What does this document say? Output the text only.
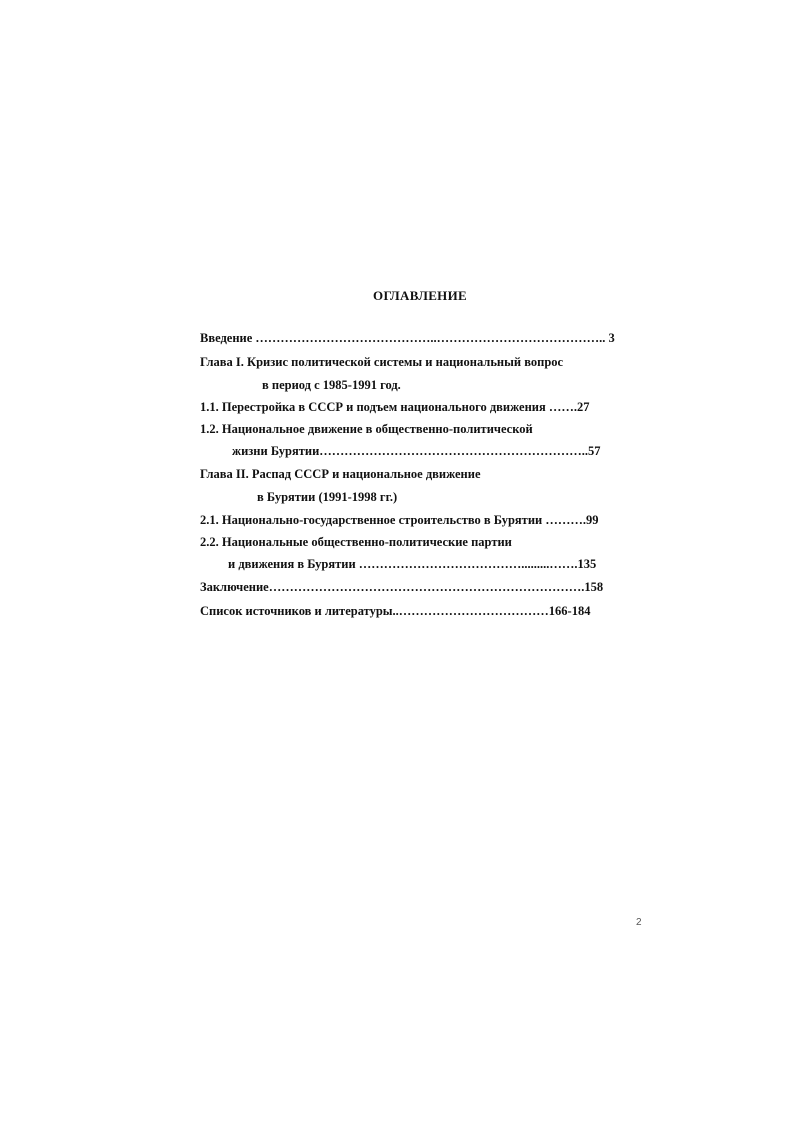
ОГЛАВЛЕНИЕ
Введение ……………………………………..………………………………….. 3
Глава I. Кризис политической системы и национальный вопрос
в период с 1985-1991 год.
1.1. Перестройка в СССР и подъем национального движения …….27
1.2. Национальное движение в общественно-политической
жизни Бурятии………………………………………………………..57
Глава II. Распад СССР и национальное движение
в Бурятии (1991-1998 гг.)
2.1. Национально-государственное строительство в Бурятии ……….99
2.2. Национальные общественно-политические партии
и движения в Бурятии ………………………………….........…….135
Заключение………………………………………………………………….158
Список источников и литературы..………………………………166-184
2
